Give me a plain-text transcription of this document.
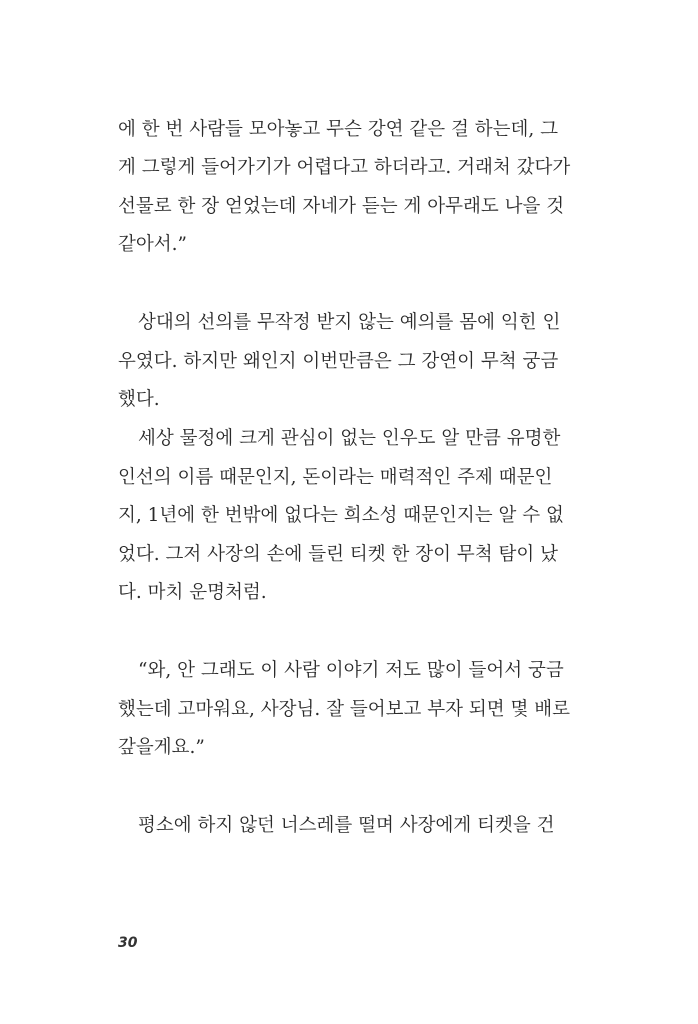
에 한 번 사람들 모아놓고 무슨 강연 같은 걸 하는데, 그
게 그렇게 들어가기가 어렵다고 하더라고. 거래처 갔다가
선물로 한 장 얻었는데 자네가 듣는 게 아무래도 나을 것
같아서.”
상대의 선의를 무작정 받지 않는 예의를 몸에 익힌 인
우였다. 하지만 왜인지 이번만큼은 그 강연이 무척 궁금
했다.
세상 물정에 크게 관심이 없는 인우도 알 만큼 유명한
인선의 이름 때문인지, 돈이라는 매력적인 주제 때문인
지, 1년에 한 번밖에 없다는 희소성 때문인지는 알 수 없
었다. 그저 사장의 손에 들린 티켓 한 장이 무척 탐이 났
다. 마치 운명처럼.
“와, 안 그래도 이 사람 이야기 저도 많이 들어서 궁금
했는데 고마워요, 사장님. 잘 들어보고 부자 되면 몇 배로
갚을게요.”
평소에 하지 않던 너스레를 떨며 사장에게 티켓을 건
30
